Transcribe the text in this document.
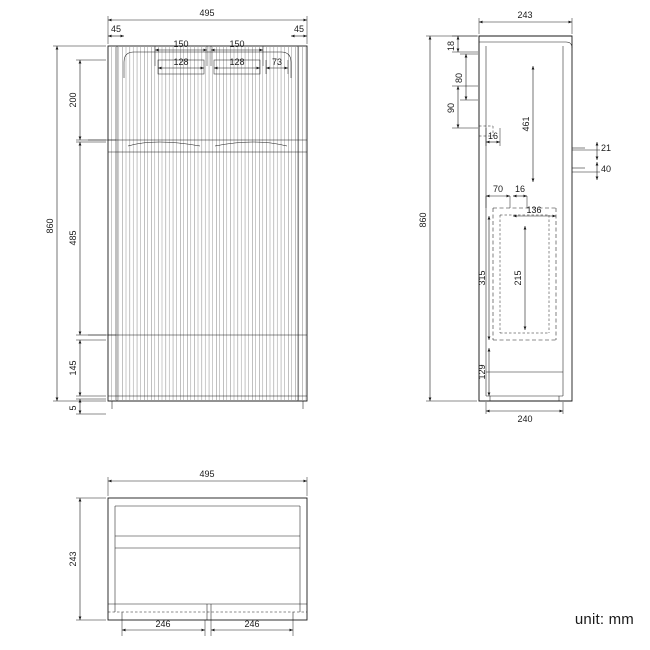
495
45	45
150	150
128	128	73
860
200
485
145
5
243
18
80
90
16
461
21
40
860
70 16
136
315	215
129
240
495
243
246	246	unit: mm
